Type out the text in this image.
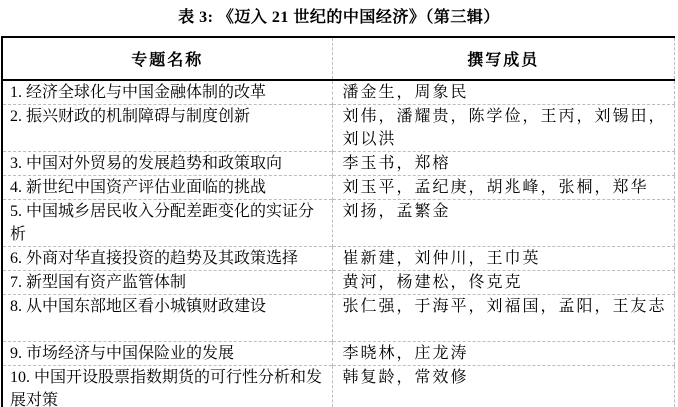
表 3: 《迈入 21 世纪的中国经济》（第三辑）
专题名称	撰写成员
1. 经济全球化与中国金融体制的改革	潘金生，周象民
2. 振兴财政的机制障碍与制度创新	刘伟，潘耀贵，陈学俭，王丙，刘锡田，刘以洪
3. 中国对外贸易的发展趋势和政策取向	李玉书，郑榕
4. 新世纪中国资产评估业面临的挑战	刘玉平，孟纪庚，胡兆峰，张桐，郑华
5. 中国城乡居民收入分配差距变化的实证分析	刘扬，孟繁金
6. 外商对华直接投资的趋势及其政策选择	崔新建，刘仲川，王巾英
7. 新型国有资产监管体制	黄河，杨建松，佟克克
8. 从中国东部地区看小城镇财政建设	张仁强，于海平，刘福国，孟阳，王友志
9. 市场经济与中国保险业的发展	李晓林，庄龙涛
10. 中国开设股票指数期货的可行性分析和发展对策	韩复龄，常效修
